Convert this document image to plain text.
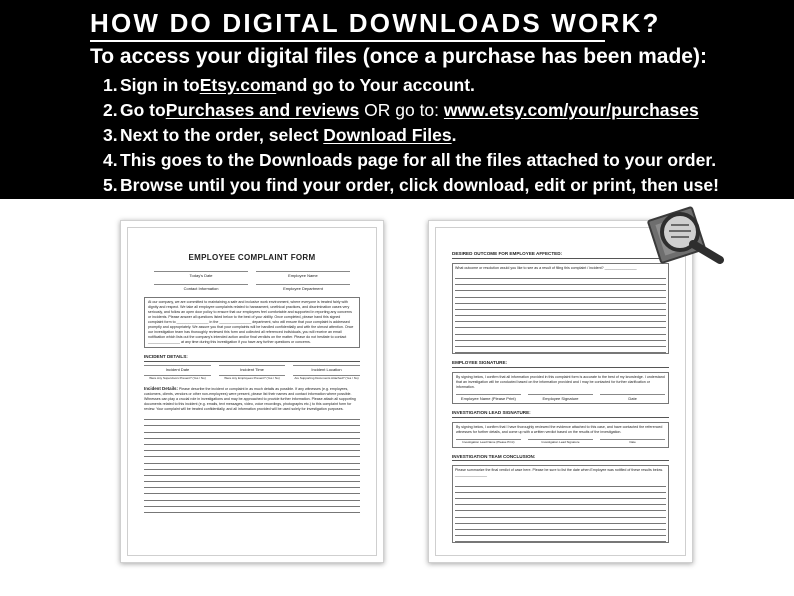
HOW DO DIGITAL DOWNLOADS WORK?
To access your digital files (once a purchase has been made):
1. Sign in to Etsy.com and go to Your account.
2. Go to Purchases and reviews OR go to: www.etsy.com/your/purchases
3. Next to the order, select Download Files .
4. This goes to the Downloads page for all the files attached to your order.
5. Browse until you find your order, click download, edit or print, then use!
EMPLOYEE COMPLAINT FORM
Today's Date	Employee Name
Contact Information	Employee Department

At our company, we are committed to maintaining a safe and inclusive work environment, where everyone is treated fairly with dignity and respect. We take all employee complaints related to harassment, unethical practices, and discrimination cases very seriously, and follow an open door policy to ensure that our employees feel comfortable and supported in reporting any concerns or incidents. Please answer all questions listed below to the best of your ability. Once completed, please hand this signed complaint form to ________________ in the ________________ department, who will ensure that your complaint is addressed promptly and appropriately. We assure you that your complaints will be handled confidentially and with the utmost attention. Once our investigation team has thoroughly reviewed this form and collected all referenced individuals, you will receive an email notification which lists out the company's intended action and/or final verdicts on the matter. Please do not hesitate to contact ________________ at any time during this investigation if you have any further questions or concerns.

INCIDENT DETAILS:
Incident Date	Incident Time	Incident Location
Were Any Supervisors Present? (Yes / No)	Were Any Employees Present? (Yes / No)	Are Supporting Documents Attached? (Yes / No)

Incident Details: Please describe the incident or complaint in as much details as possible. If any witnesses (e.g. employees, customers, clients, vendors or other non-employees) were present, please list their names and contact information where possible. Witnesses can play a crucial role in investigations and may be approached to provide further information. Please attach all supporting documents related to this incident (e.g. emails, text messages, video, voice recordings, photographs etc.) to this complaint form for review. Your complaint will be treated confidentially, and all information provided will be used solely for investigation purposes.

DESIRED OUTCOME FOR EMPLOYEE AFFECTED:

What outcome or resolution would you like to see as a result of filing this complaint / incident? ________________

EMPLOYEE SIGNATURE:

By signing below, I confirm that all information provided in this complaint form is accurate to the best of my knowledge. I understand that an investigation will be conducted based on the information provided and I may be contacted for further clarification or information.

Employee Name (Please Print)	Employee Signature	Date
INVESTIGATION LEAD SIGNATURE:

By signing below, I confirm that I have thoroughly reviewed the evidence attached to this case, and have contacted the referenced witnesses for further details, and come up with a written verdict based on the results of the investigation.

Investigation Lead Name (Please Print)	Investigation Lead Signature	Date
INVESTIGATION TEAM CONCLUSION:

Please summarize the final verdict of case here. Please be sure to list the date when Employee was notified of these results below. ________________
